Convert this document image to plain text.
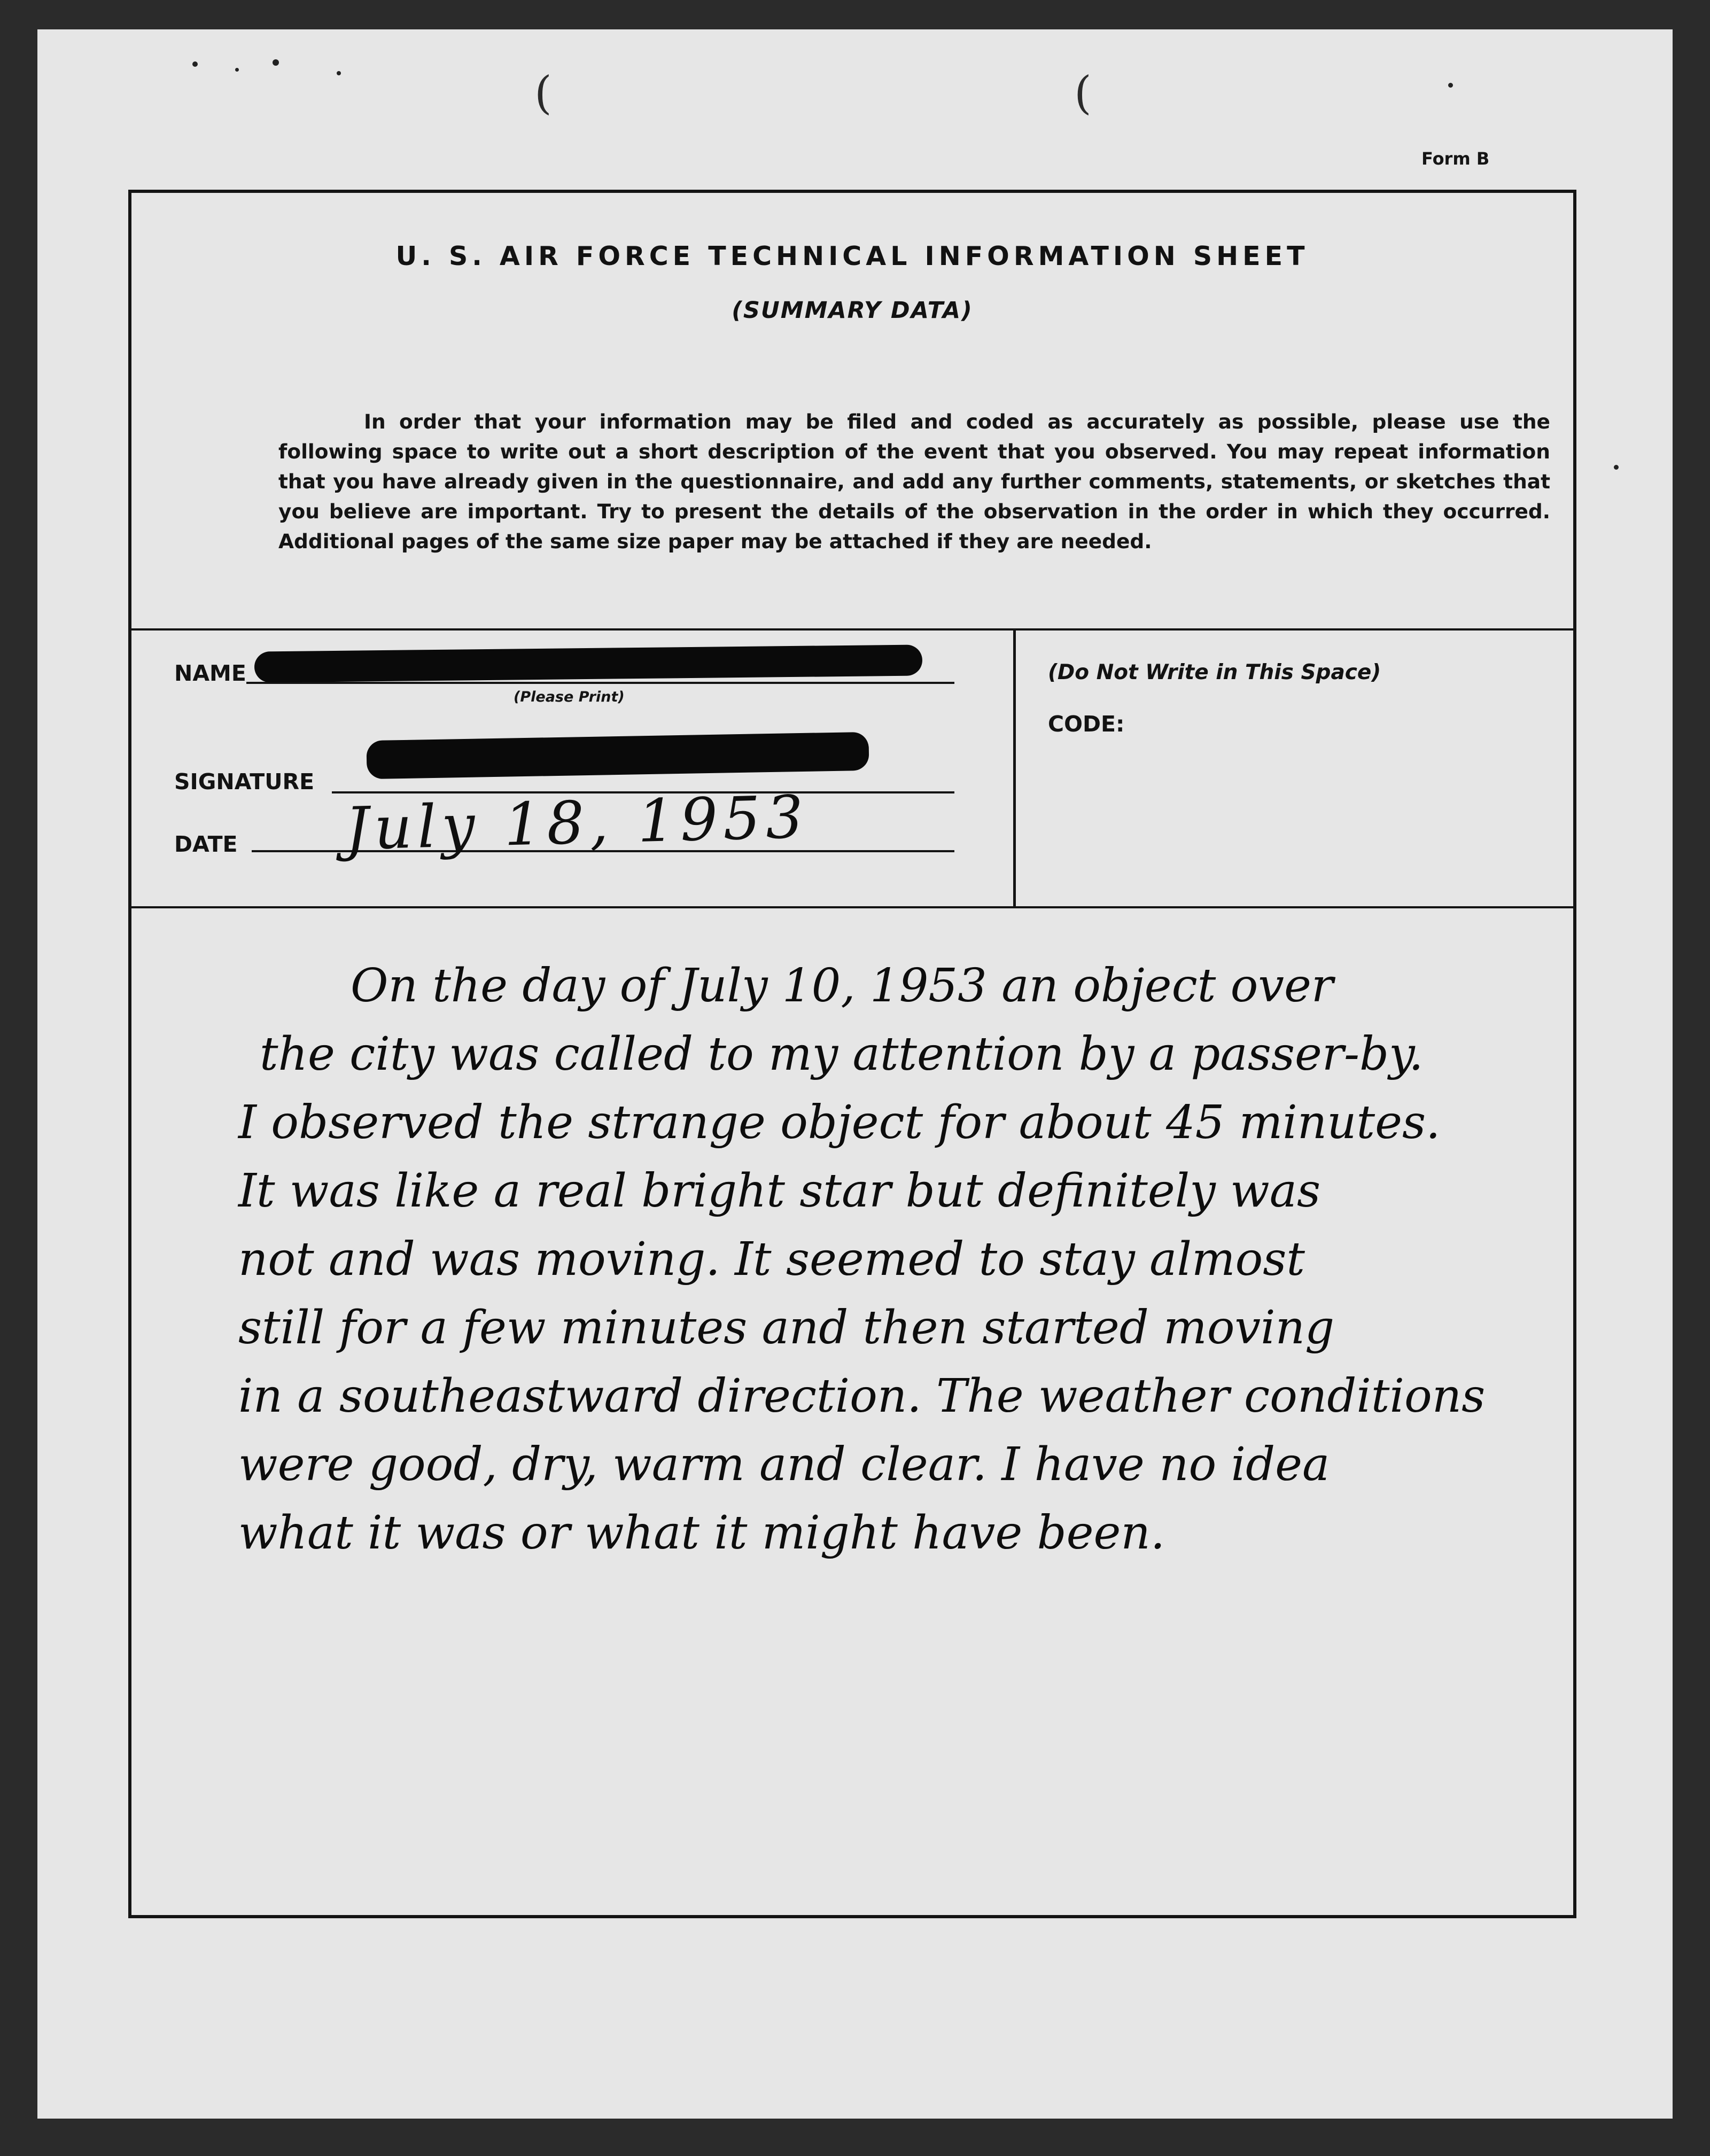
(	(
Form B
U. S. AIR FORCE TECHNICAL INFORMATION SHEET
(SUMMARY DATA)
In order that your information may be filed and coded as accurately as possible, please use the following space to write out a short description of the event that you observed. You may repeat information that you have already given in the questionnaire, and add any further comments, statements, or sketches that you believe are important. Try to present the details of the observation in the order in which they occurred. Additional pages of the same size paper may be attached if they are needed.
NAME
(Please Print)
SIGNATURE
DATE July 18, 1953
(Do Not Write in This Space)
CODE:
On the day of July 10, 1953 an object over
the city was called to my attention by a passer-by.
I observed the strange object for about 45 minutes.
It was like a real bright star but definitely was
not and was moving. It seemed to stay almost
still for a few minutes and then started moving
in a southeastward direction. The weather conditions
were good, dry, warm and clear. I have no idea
what it was or what it might have been.
